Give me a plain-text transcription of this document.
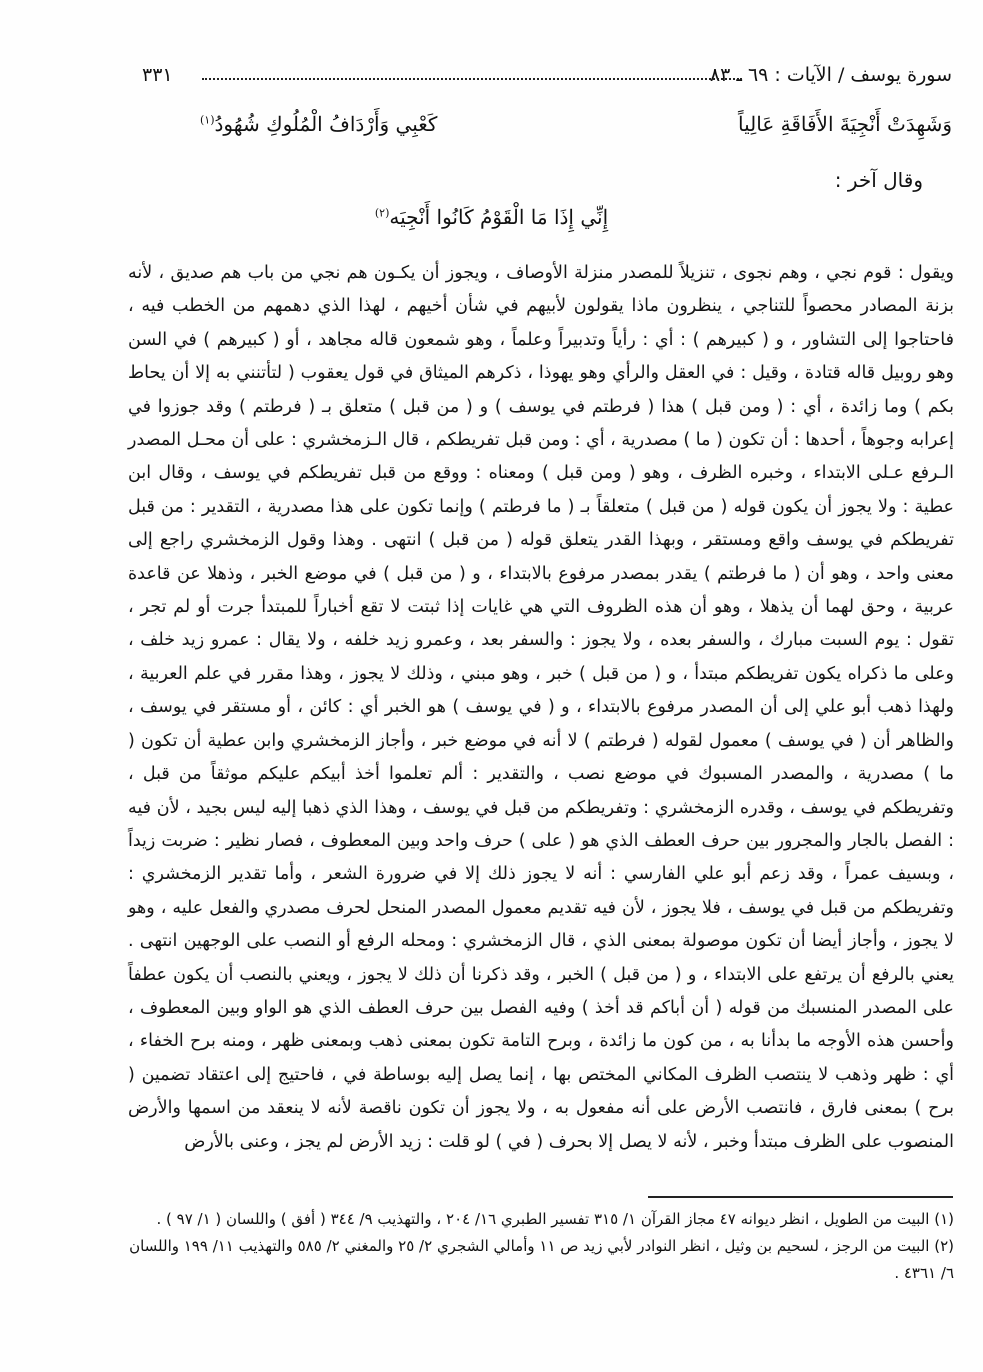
سورة يوسف / الآيات : ٦٩ ـ ٨٣
٣٣١
وَشَهِدَتْ أَنْجِيَةَ الأَفَاقَةِ عَالِياً
كَعْبِي وَأَرْدَافُ الْمُلُوكِ شُهُودُ$^{(١)}$
وقال آخر :
إِنِّي إِذَا مَا الْقَوْمُ كَانُوا أَنْجِيَه$^{(٢)}$
ويقول : قوم نجي ، وهم نجوى ، تنزيلاً للمصدر منزلة الأوصاف ، ويجوز أن يكـون هم نجي من باب هم صديق ، لأنه بزنة المصادر محصواً للتناجي ، ينظرون ماذا يقولون لأبيهم في شأن أخيهم ، لهذا الذي دهمهم من الخطب فيه ، فاحتاجوا إلى التشاور ، و ( كبيرهم ) : أي : رأياً وتدبيراً وعلماً ، وهو شمعون قاله مجاهد ، أو ( كبيرهم ) في السن وهو روبيل قاله قتادة ، وقيل : في العقل والرأي وهو يهوذا ، ذكرهم الميثاق في قول يعقوب ( لتأتنني به إلا أن يحاط بكم ) وما زائدة ، أي : ( ومن قبل ) هذا ( فرطتم في يوسف ) و ( من قبل ) متعلق بـ ( فرطتم ) وقد جوزوا في إعرابه وجوهاً ، أحدها : أن تكون ( ما ) مصدرية ، أي : ومن قبل تفريطكم ، قال الـزمخشري : على أن محـل المصدر الـرفع عـلى الابتداء ، وخبره الظرف ، وهو ( ومن قبل ) ومعناه : ووقع من قبل تفريطكم في يوسف ، وقال ابن عطية : ولا يجوز أن يكون قوله ( من قبل ) متعلقاً بـ ( ما فرطتم ) وإنما تكون على هذا مصدرية ، التقدير : من قبل تفريطكم في يوسف واقع ومستقر ، وبهذا القدر يتعلق قوله ( من قبل ) انتهى . وهذا وقول الزمخشري راجع إلى معنى واحد ، وهو أن ( ما فرطتم ) يقدر بمصدر مرفوع بالابتداء ، و ( من قبل ) في موضع الخبر ، وذهلا عن قاعدة عربية ، وحق لهما أن يذهلا ، وهو أن هذه الظروف التي هي غايات إذا ثبتت لا تقع أخباراً للمبتدأ جرت أو لم تجر ، تقول : يوم السبت مبارك ، والسفر بعده ، ولا يجوز : والسفر بعد ، وعمرو زيد خلفه ، ولا يقال : عمرو زيد خلف ، وعلى ما ذكراه يكون تفريطكم مبتدأ ، و ( من قبل ) خبر ، وهو مبني ، وذلك لا يجوز ، وهذا مقرر في علم العربية ، ولهذا ذهب أبو علي إلى أن المصدر مرفوع بالابتداء ، و ( في يوسف ) هو الخبر أي : كائن ، أو مستقر في يوسف ، والظاهر أن ( في يوسف ) معمول لقوله ( فرطتم ) لا أنه في موضع خبر ، وأجاز الزمخشري وابن عطية أن تكون ( ما ) مصدرية ، والمصدر المسبوك في موضع نصب ، والتقدير : ألم تعلموا أخذ أبيكم عليكم موثقاً من قبل ، وتفريطكم في يوسف ، وقدره الزمخشري : وتفريطكم من قبل في يوسف ، وهذا الذي ذهبا إليه ليس بجيد ، لأن فيه : الفصل بالجار والمجرور بين حرف العطف الذي هو ( على ) حرف واحد وبين المعطوف ، فصار نظير : ضربت زيداً ، وبسيف عمراً ، وقد زعم أبو علي الفارسي : أنه لا يجوز ذلك إلا في ضرورة الشعر ، وأما تقدير الزمخشري : وتفريطكم من قبل في يوسف ، فلا يجوز ، لأن فيه تقديم معمول المصدر المنحل لحرف مصدري والفعل عليه ، وهو لا يجوز ، وأجاز أيضا أن تكون موصولة بمعنى الذي ، قال الزمخشري : ومحله الرفع أو النصب على الوجهين انتهى . يعني بالرفع أن يرتفع على الابتداء ، و ( من قبل ) الخبر ، وقد ذكرنا أن ذلك لا يجوز ، ويعني بالنصب أن يكون عطفاً على المصدر المنسبك من قوله ( أن أباكم قد أخذ ) وفيه الفصل بين حرف العطف الذي هو الواو وبين المعطوف ، وأحسن هذه الأوجه ما بدأنا به ، من كون ما زائدة ، وبرح التامة تكون بمعنى ذهب وبمعنى ظهر ، ومنه برح الخفاء ، أي : ظهر وذهب لا ينتصب الظرف المكاني المختص بها ، إنما يصل إليه بوساطة في ، فاحتيج إلى اعتقاد تضمين ( برح ) بمعنى فارق ، فانتصب الأرض على أنه مفعول به ، ولا يجوز أن تكون ناقصة لأنه لا ينعقد من اسمها والأرض المنصوب على الظرف مبتدأ وخبر ، لأنه لا يصل إلا بحرف ( في ) لو قلت : زيد الأرض لم يجز ، وعنى بالأرض
(١) البيت من الطويل ، انظر ديوانه ٤٧ مجاز القرآن ١/ ٣١٥ تفسير الطبري ١٦/ ٢٠٤ ، والتهذيب ٩/ ٣٤٤ ( أفق ) واللسان ( ١/ ٩٧ ) .
(٢) البيت من الرجز ، لسحيم بن وثيل ، انظر النوادر لأبي زيد ص ١١ وأمالي الشجري ٢/ ٢٥ والمغني ٢/ ٥٨٥ والتهذيب ١١/ ١٩٩ واللسان ٦/ ٤٣٦١ .
